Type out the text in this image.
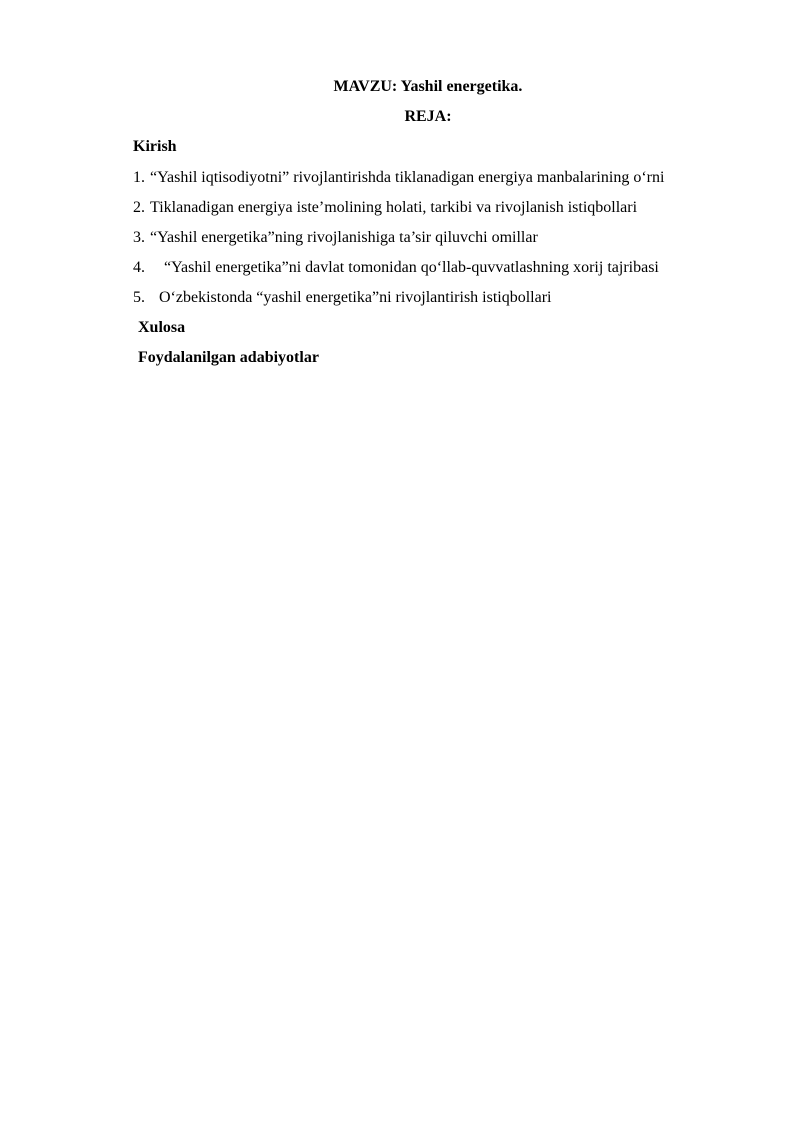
MAVZU: Yashil energetika.
REJA:
Kirish
1. “Yashil iqtisodiyotni” rivojlantirishda tiklanadigan energiya manbalarining o‘rni
2. Tiklanadigan energiya iste’molining holati, tarkibi va rivojlanish istiqbollari
3. “Yashil energetika”ning rivojlanishiga ta’sir qiluvchi omillar
4. “Yashil energetika”ni davlat tomonidan qo‘llab-quvvatlashning xorij tajribasi
5. O‘zbekistonda “yashil energetika”ni rivojlantirish istiqbollari
Xulosa
Foydalanilgan adabiyotlar
